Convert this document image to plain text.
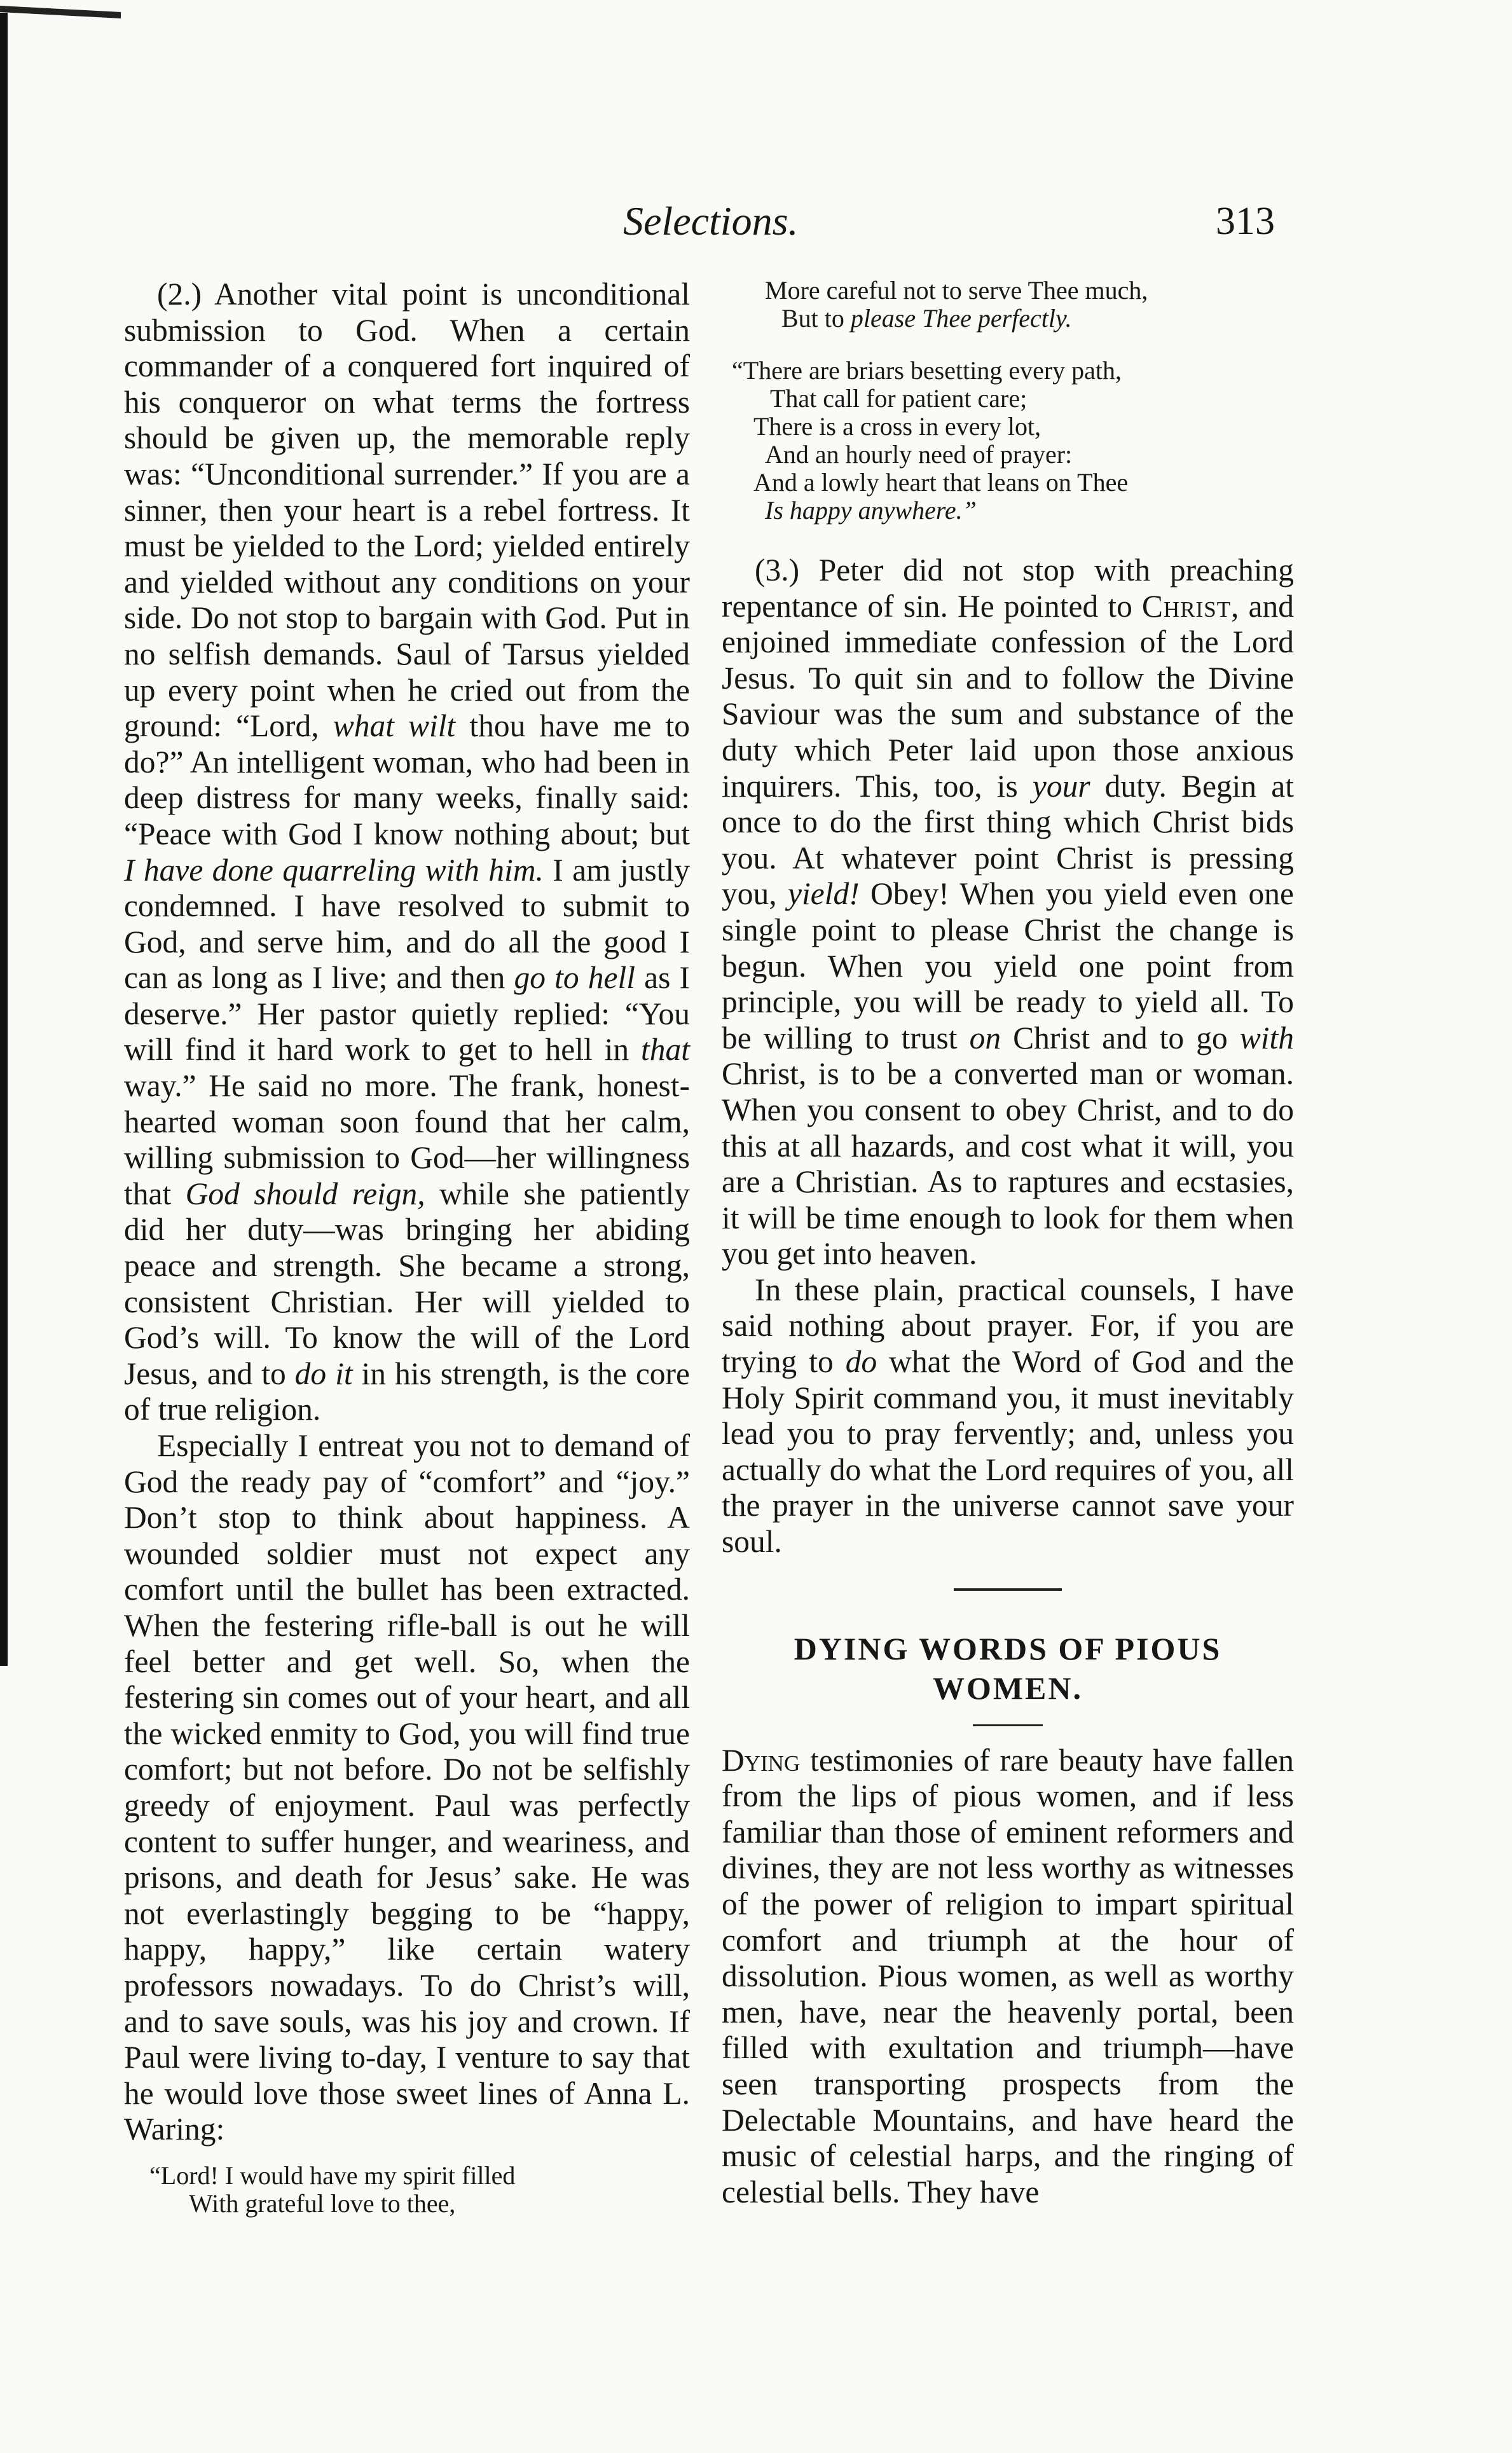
Selections.	313

(2.) Another vital point is unconditional submission to God. When a certain commander of a conquered fort inquired of his conqueror on what terms the fortress should be given up, the memorable reply was: “Unconditional surrender.” If you are a sinner, then your heart is a rebel fortress. It must be yielded to the Lord; yielded entirely and yielded without any conditions on your side. Do not stop to bargain with God. Put in no selfish demands. Saul of Tarsus yielded up every point when he cried out from the ground: “Lord, what wilt thou have me to do?” An intelligent woman, who had been in deep distress for many weeks, finally said: “Peace with God I know nothing about; but I have done quarreling with him. I am justly condemned. I have resolved to submit to God, and serve him, and do all the good I can as long as I live; and then go to hell as I deserve.” Her pastor quietly replied: “You will find it hard work to get to hell in that way.” He said no more. The frank, honest-hearted woman soon found that her calm, willing submission to God—her willingness that God should reign, while she patiently did her duty—was bringing her abiding peace and strength. She became a strong, consistent Christian. Her will yielded to God’s will. To know the will of the Lord Jesus, and to do it in his strength, is the core of true religion.

Especially I entreat you not to demand of God the ready pay of “comfort” and “joy.” Don’t stop to think about happiness. A wounded soldier must not expect any comfort until the bullet has been extracted. When the festering rifle-ball is out he will feel better and get well. So, when the festering sin comes out of your heart, and all the wicked enmity to God, you will find true comfort; but not before. Do not be selfishly greedy of enjoyment. Paul was perfectly content to suffer hunger, and weariness, and prisons, and death for Jesus’ sake. He was not everlastingly begging to be “happy, happy, happy,” like certain watery professors nowadays. To do Christ’s will, and to save souls, was his joy and crown. If Paul were living to-day, I venture to say that he would love those sweet lines of Anna L. Waring:

“Lord! I would have my spirit filled
With grateful love to thee,
More careful not to serve Thee much,
But to please Thee perfectly.
“There are briars besetting every path,
That call for patient care;
There is a cross in every lot,
And an hourly need of prayer:
And a lowly heart that leans on Thee
Is happy anywhere.”

(3.) Peter did not stop with preaching repentance of sin. He pointed to Christ, and enjoined immediate confession of the Lord Jesus. To quit sin and to follow the Divine Saviour was the sum and substance of the duty which Peter laid upon those anxious inquirers. This, too, is your duty. Begin at once to do the first thing which Christ bids you. At whatever point Christ is pressing you, yield! Obey! When you yield even one single point to please Christ the change is begun. When you yield one point from principle, you will be ready to yield all. To be willing to trust on Christ and to go with Christ, is to be a converted man or woman. When you consent to obey Christ, and to do this at all hazards, and cost what it will, you are a Christian. As to raptures and ecstasies, it will be time enough to look for them when you get into heaven.

In these plain, practical counsels, I have said nothing about prayer. For, if you are trying to do what the Word of God and the Holy Spirit command you, it must inevitably lead you to pray fervently; and, unless you actually do what the Lord requires of you, all the prayer in the universe cannot save your soul.

DYING WORDS OF PIOUS
WOMEN.

Dying testimonies of rare beauty have fallen from the lips of pious women, and if less familiar than those of eminent reformers and divines, they are not less worthy as witnesses of the power of religion to impart spiritual comfort and triumph at the hour of dissolution. Pious women, as well as worthy men, have, near the heavenly portal, been filled with exultation and triumph—have seen transporting prospects from the Delectable Mountains, and have heard the music of celestial harps, and the ringing of celestial bells. They have
